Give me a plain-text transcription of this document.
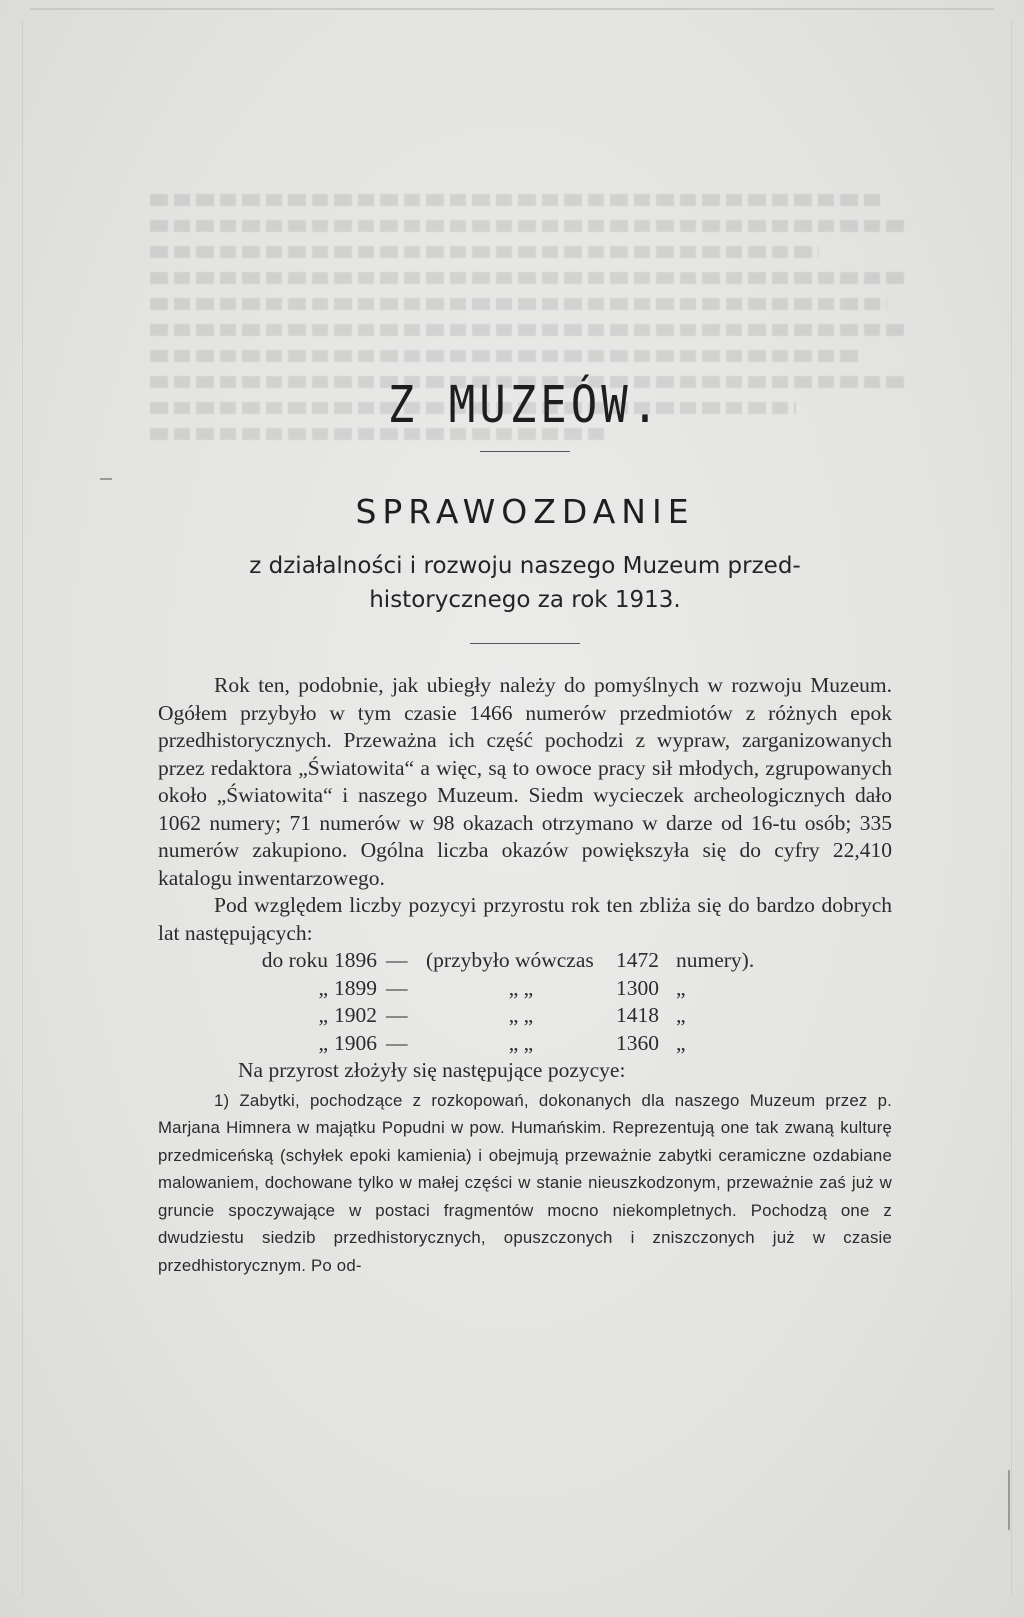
Z MUZEÓW.
SPRAWOZDANIE
z działalności i rozwoju naszego Muzeum przed-
historycznego za rok 1913.

Rok ten, podobnie, jak ubiegły należy do pomyślnych w rozwoju Muzeum. Ogółem przybyło w tym czasie 1466 numerów przedmiotów z różnych epok przedhistorycznych. Przeważna ich część pochodzi z wypraw, zarganizowanych przez redaktora „Światowita“ a więc, są to owoce pracy sił młodych, zgrupowanych około „Światowita“ i naszego Muzeum. Siedm wycieczek archeologicznych dało 1062 numery; 71 numerów w 98 okazach otrzymano w darze od 16-tu osób; 335 numerów zakupiono. Ogólna liczba okazów powiększyła się do cyfry 22,410 katalogu inwentarzowego.

Pod względem liczby pozycyi przyrostu rok ten zbliża się do bardzo dobrych lat następujących:

do roku 1896 — (przybyło wówczas	1472 numery).
„ 1899 —	„ „	1300 „
„ 1902 —	„ „	1418 „
„ 1906 —	„ „	1360 „
Na przyrost złożyły się następujące pozycye:

1) Zabytki, pochodzące z rozkopowań, dokonanych dla naszego Muzeum przez p. Marjana Himnera w majątku Popudni w pow. Humańskim. Reprezentują one tak zwaną kulturę przedmiceńską (schyłek epoki kamienia) i obejmują przeważnie zabytki ceramiczne ozdabiane malowaniem, dochowane tylko w małej części w stanie nieuszkodzonym, przeważnie zaś już w gruncie spoczywające w postaci fragmentów mocno niekompletnych. Pochodzą one z dwudziestu siedzib przedhistorycznych, opuszczonych i zniszczonych już w czasie przedhistorycznym. Po od-
